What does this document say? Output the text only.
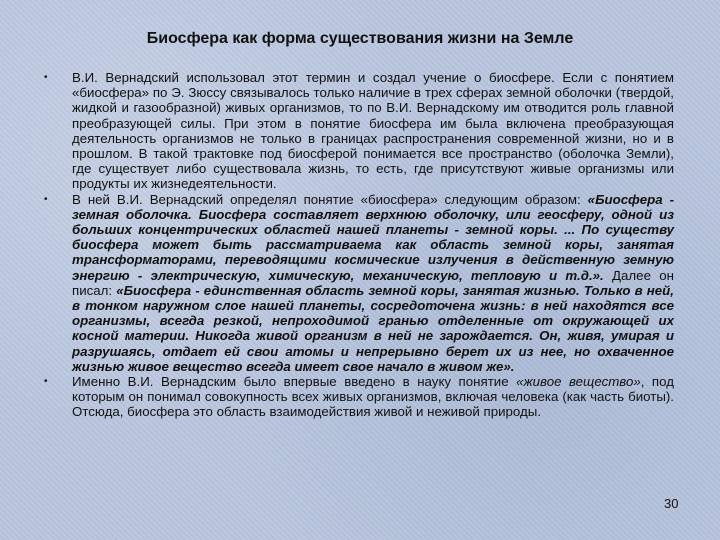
Биосфера как форма существования жизни на Земле
• В.И. Вернадский использовал этот термин и создал учение о биосфере. Если с понятием «биосфера» по Э. Зюссу связывалось только наличие в трех сферах земной оболочки (твердой, жидкой и газообразной) живых организмов, то по В.И. Вернадскому им отводится роль главной преобразующей силы. При этом в понятие биосфера им была включена преобразующая деятельность организмов не только в границах распространения современной жизни, но и в прошлом. В такой трактовке под биосферой понимается все пространство (оболочка Земли), где существует либо существовала жизнь, то есть, где присутствуют живые организмы или продукты их жизнедеятельности.
• В ней В.И. Вернадский определял понятие «биосфера» следующим образом: «Биосфера - земная оболочка. Биосфера составляет верхнюю оболочку, или геосферу, одной из больших концентрических областей нашей планеты - земной коры. ... По существу биосфера может быть рассматриваема как область земной коры, занятая трансформаторами, переводящими космические излучения в действенную земную энергию - электрическую, химическую, механическую, тепловую и т.д.». Далее он писал: «Биосфера - единственная область земной коры, занятая жизнью. Только в ней, в тонком наружном слое нашей планеты, сосредоточена жизнь: в ней находятся все организмы, всегда резкой, непроходимой гранью отделенные от окружающей их косной материи. Никогда живой организм в ней не зарождается. Он, живя, умирая и разрушаясь, отдает ей свои атомы и непрерывно берет их из нее, но охваченное жизнью живое вещество всегда имеет свое начало в живом же».
• Именно В.И. Вернадским было впервые введено в науку понятие «живое вещество», под которым он понимал совокупность всех живых организмов, включая человека (как часть биоты). Отсюда, биосфера это область взаимодействия живой и неживой природы.
30
